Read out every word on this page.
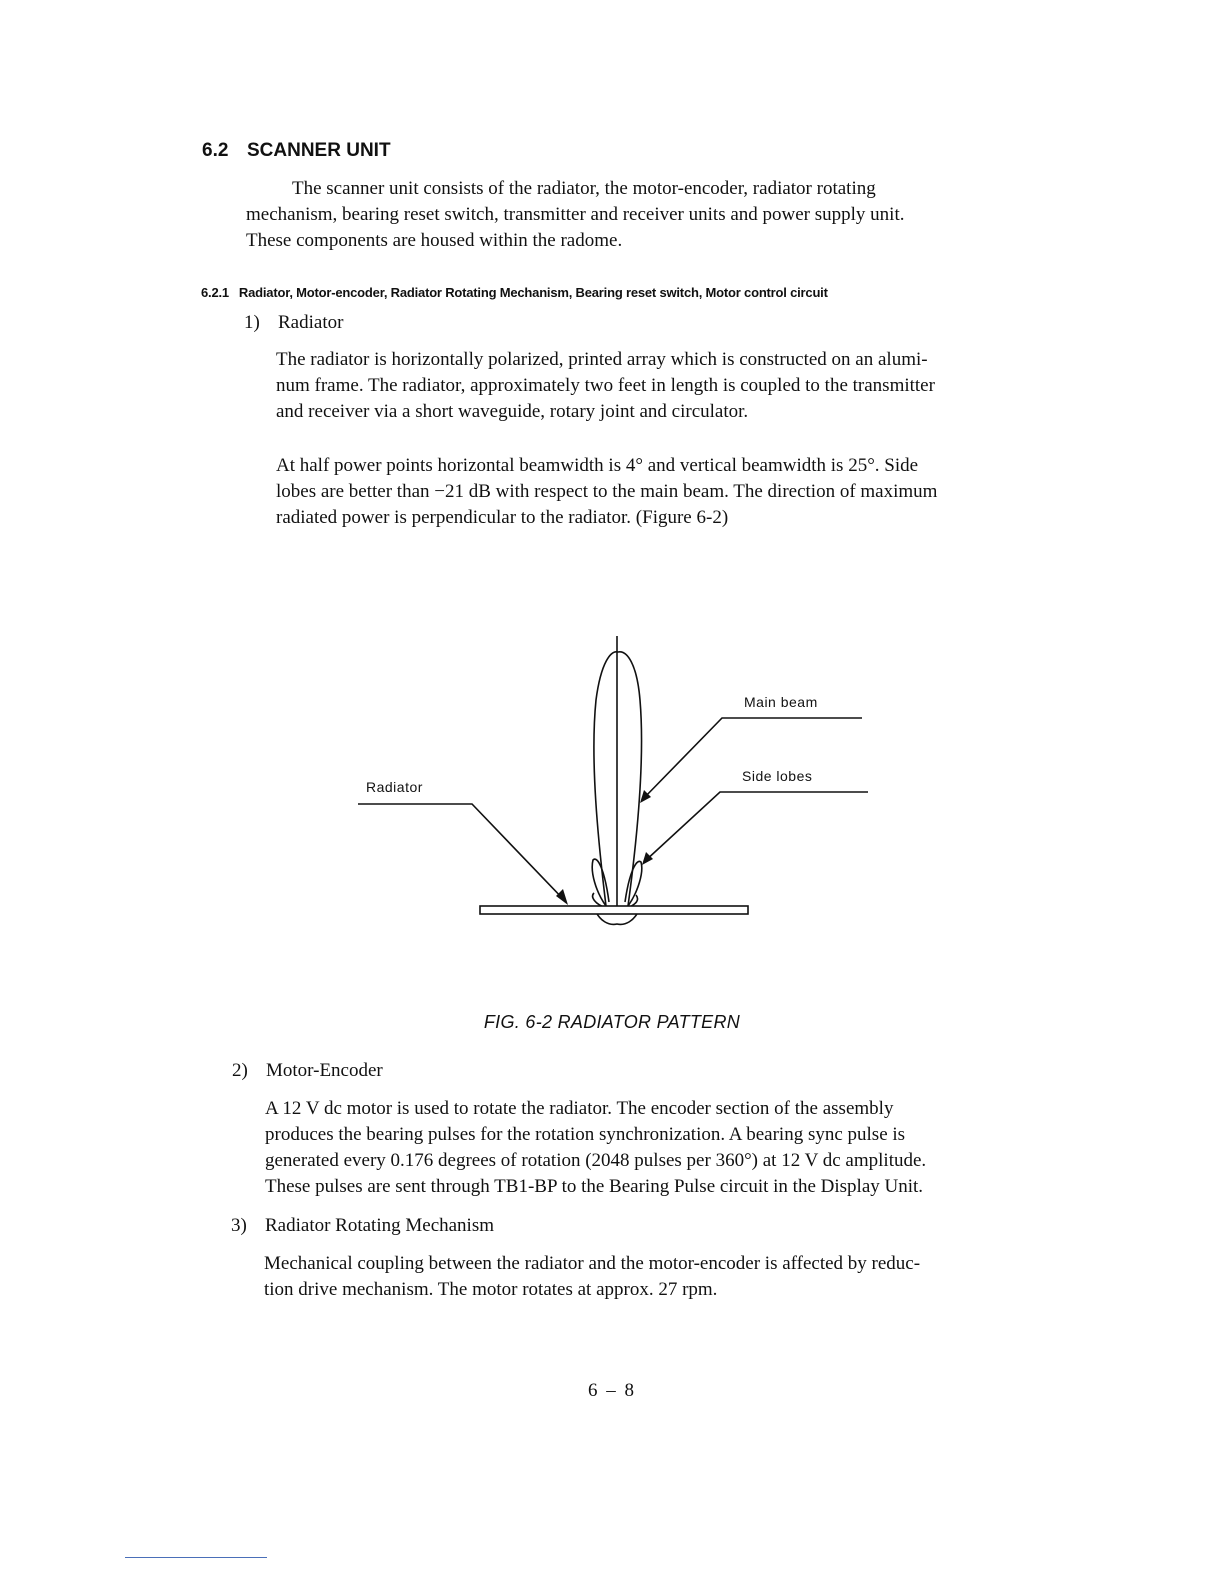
6.2 SCANNER UNIT
The scanner unit consists of the radiator, the motor-encoder, radiator rotating
mechanism, bearing reset switch, transmitter and receiver units and power supply unit.
These components are housed within the radome.
6.2.1 Radiator, Motor-encoder, Radiator Rotating Mechanism, Bearing reset switch, Motor control circuit
1) Radiator
The radiator is horizontally polarized, printed array which is constructed on an alumi-
num frame. The radiator, approximately two feet in length is coupled to the transmitter
and receiver via a short waveguide, rotary joint and circulator.
At half power points horizontal beamwidth is 4° and vertical beamwidth is 25°. Side
lobes are better than −21 dB with respect to the main beam. The direction of maximum
radiated power is perpendicular to the radiator. (Figure 6-2)
Main beam
Side lobes
Radiator
FIG. 6-2 RADIATOR PATTERN
2) Motor-Encoder
A 12 V dc motor is used to rotate the radiator. The encoder section of the assembly
produces the bearing pulses for the rotation synchronization. A bearing sync pulse is
generated every 0.176 degrees of rotation (2048 pulses per 360°) at 12 V dc amplitude.
These pulses are sent through TB1-BP to the Bearing Pulse circuit in the Display Unit.
3) Radiator Rotating Mechanism
Mechanical coupling between the radiator and the motor-encoder is affected by reduc-
tion drive mechanism. The motor rotates at approx. 27 rpm.
6 – 8
